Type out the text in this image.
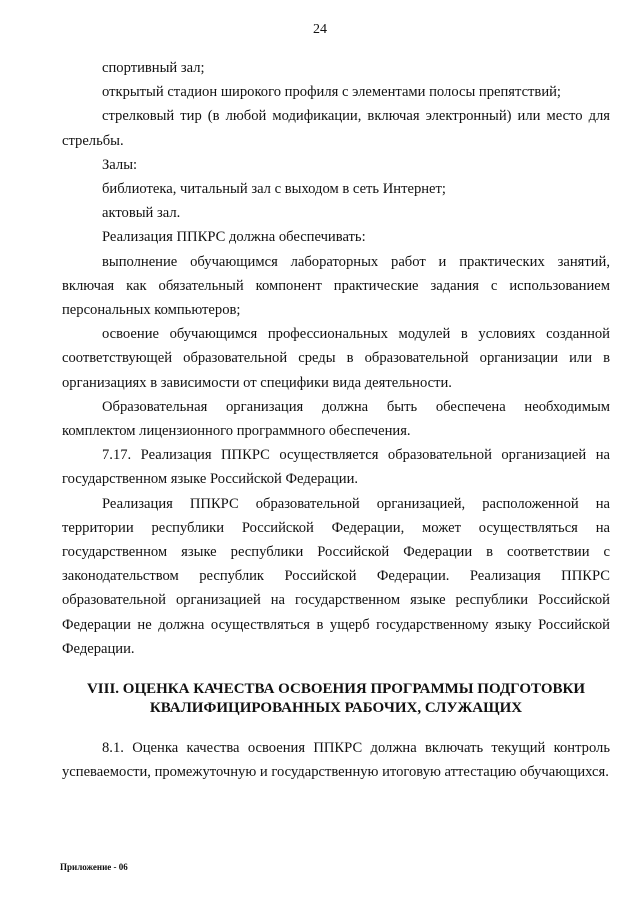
24

спортивный зал;

открытый стадион широкого профиля с элементами полосы препятствий;

стрелковый тир (в любой модификации, включая электронный) или место для стрельбы.

Залы:

библиотека, читальный зал с выходом в сеть Интернет;

актовый зал.

Реализация ППКРС должна обеспечивать:

выполнение обучающимся лабораторных работ и практических занятий, включая как обязательный компонент практические задания с использованием персональных компьютеров;

освоение обучающимся профессиональных модулей в условиях созданной соответствующей образовательной среды в образовательной организации или в организациях в зависимости от специфики вида деятельности.

Образовательная организация должна быть обеспечена необходимым комплектом лицензионного программного обеспечения.

7.17. Реализация ППКРС осуществляется образовательной организацией на государственном языке Российской Федерации.

Реализация ППКРС образовательной организацией, расположенной на территории республики Российской Федерации, может осуществляться на государственном языке республики Российской Федерации в соответствии с законодательством республик Российской Федерации. Реализация ППКРС образовательной организацией на государственном языке республики Российской Федерации не должна осуществляться в ущерб государственному языку Российской Федерации.

VIII. ОЦЕНКА КАЧЕСТВА ОСВОЕНИЯ ПРОГРАММЫ ПОДГОТОВКИ
КВАЛИФИЦИРОВАННЫХ РАБОЧИХ, СЛУЖАЩИХ

8.1. Оценка качества освоения ППКРС должна включать текущий контроль успеваемости, промежуточную и государственную итоговую аттестацию обучающихся.

Приложение - 06
